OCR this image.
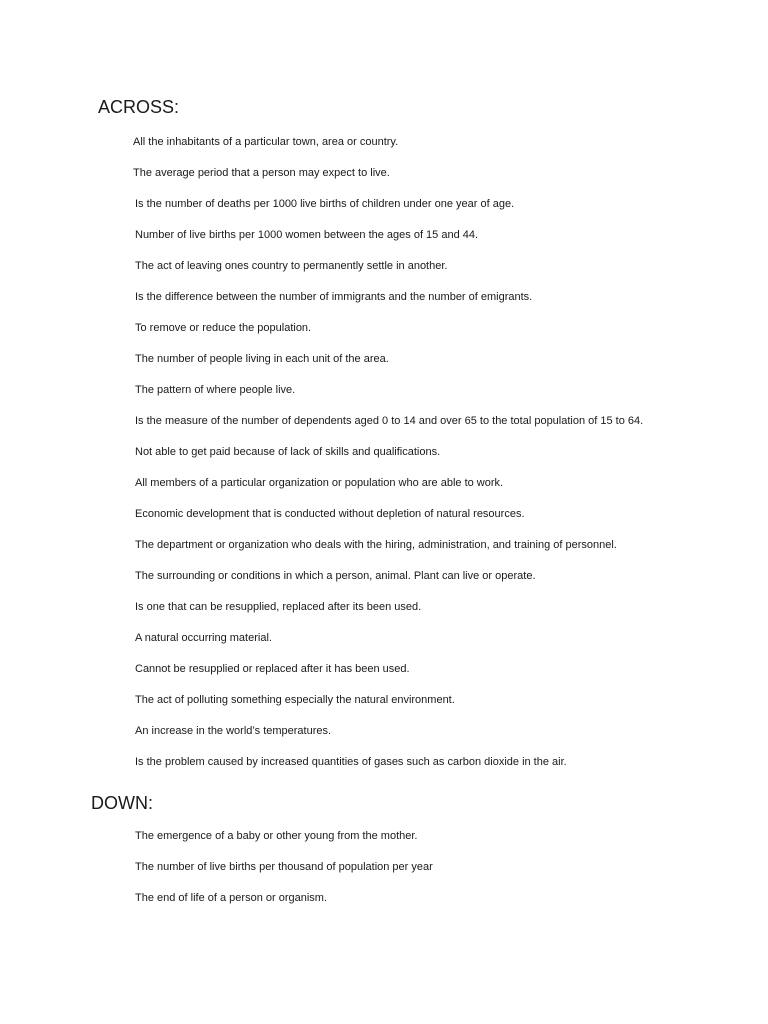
ACROSS:
All the inhabitants of a particular town, area or country.
The average period that a person may expect to live.
Is the number of deaths per 1000 live births of children under one year of age.
Number of live births per 1000 women between the ages of 15 and 44.
The act of leaving ones country to permanently settle in another.
Is the difference between the number of immigrants and the number of emigrants.
To remove or reduce the population.
The number of people living in each unit of the area.
The pattern of where people live.
Is the measure of the number of dependents aged 0 to 14 and over 65 to the total population of 15 to 64.
Not able to get paid because of lack of skills and qualifications.
All members of a particular organization or population who are able to work.
Economic development that is conducted without depletion of natural resources.
The department or organization who deals with the hiring, administration, and training of personnel.
The surrounding or conditions in which a person, animal. Plant can live or operate.
Is one that can be resupplied, replaced after its been used.
A natural occurring material.
Cannot be resupplied or replaced after it has been used.
The act of polluting something especially the natural environment.
An increase in the world’s temperatures.
Is the problem caused by increased quantities of gases such as carbon dioxide in the air.
DOWN:
The emergence of a baby or other young from the mother.
The number of live births per thousand of population per year
The end of life of a person or organism.
